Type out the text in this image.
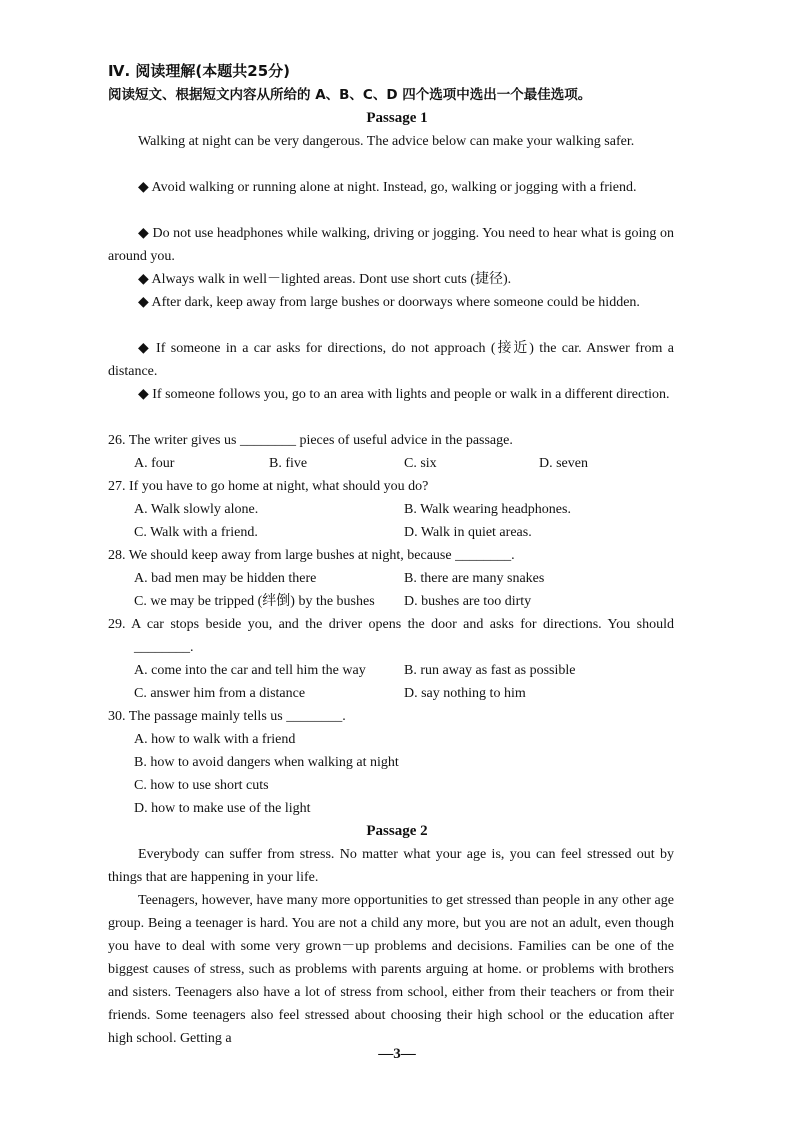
Ⅳ. 阅读理解(本题共25分)
阅读短文、根据短文内容从所给的 A、B、C、D 四个选项中选出一个最佳选项。
Passage 1
Walking at night can be very dangerous. The advice below can make your walking safer.
◆ Avoid walking or running alone at night. Instead, go, walking or jogging with a friend.
◆ Do not use headphones while walking, driving or jogging. You need to hear what is going on around you.
◆ Always walk in well－lighted areas. Dont use short cuts (捷径).
◆ After dark, keep away from large bushes or doorways where someone could be hidden.
◆ If someone in a car asks for directions, do not approach (接近) the car. Answer from a distance.
◆ If someone follows you, go to an area with lights and people or walk in a different direction.
26. The writer gives us ________ pieces of useful advice in the passage.
A. four	B. five	C. six	D. seven
27. If you have to go home at night, what should you do?
A. Walk slowly alone.	B. Walk wearing headphones.
C. Walk with a friend.	D. Walk in quiet areas.
28. We should keep away from large bushes at night, because ________.
A. bad men may be hidden there	B. there are many snakes
C. we may be tripped (绊倒) by the bushes	D. bushes are too dirty
29. A car stops beside you, and the driver opens the door and asks for directions. You should ________.
A. come into the car and tell him the way	B. run away as fast as possible
C. answer him from a distance	D. say nothing to him
30. The passage mainly tells us ________.
A. how to walk with a friend
B. how to avoid dangers when walking at night
C. how to use short cuts
D. how to make use of the light
Passage 2
Everybody can suffer from stress. No matter what your age is, you can feel stressed out by things that are happening in your life.
Teenagers, however, have many more opportunities to get stressed than people in any other age group. Being a teenager is hard. You are not a child any more, but you are not an adult, even though you have to deal with some very grown－up problems and decisions. Families can be one of the biggest causes of stress, such as problems with parents arguing at home. or problems with brothers and sisters. Teenagers also have a lot of stress from school, either from their teachers or from their friends. Some teenagers also feel stressed about choosing their high school or the education after high school. Getting a
—3—
